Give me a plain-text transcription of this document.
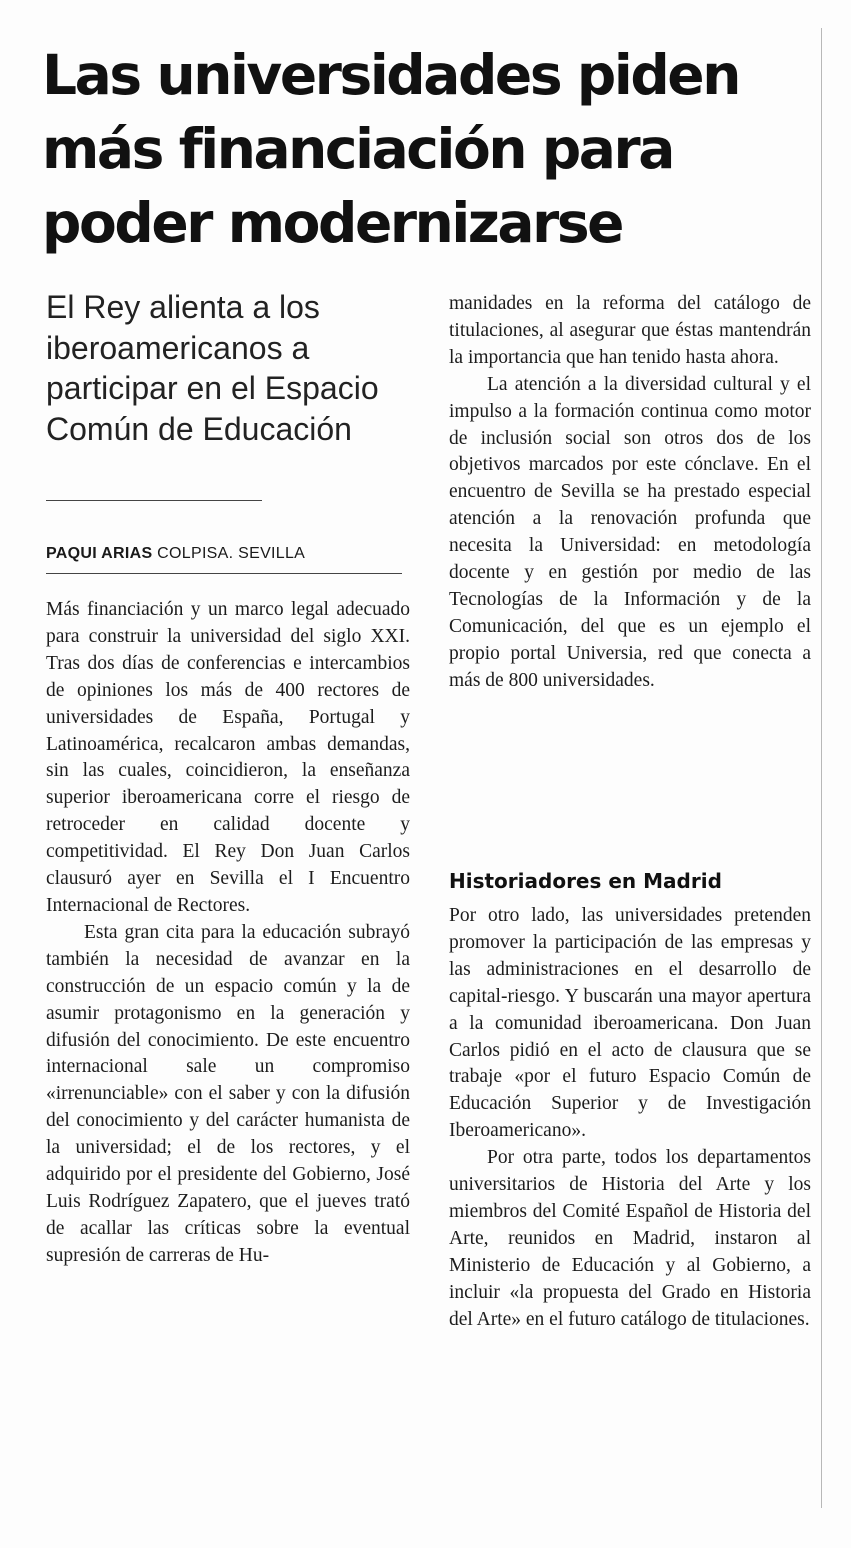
Las universidades piden más financiación para poder modernizarse
El Rey alienta a los iberoamericanos a participar en el Espacio Común de Educación

PAQUI ARIAS COLPISA. SEVILLA

Más financiación y un marco legal adecuado para construir la universidad del siglo XXI. Tras dos días de conferencias e intercambios de opiniones los más de 400 rectores de universidades de España, Portugal y Latinoamérica, recalcaron ambas demandas, sin las cuales, coincidieron, la enseñanza superior iberoamericana corre el riesgo de retroceder en calidad docente y competitividad. El Rey Don Juan Carlos clausuró ayer en Sevilla el I Encuentro Internacional de Rectores.

Esta gran cita para la educación subrayó también la necesidad de avanzar en la construcción de un espacio común y la de asumir protagonismo en la generación y difusión del conocimiento. De este encuentro internacional sale un compromiso «irrenunciable» con el saber y con la difusión del conocimiento y del carácter humanista de la universidad; el de los rectores, y el adquirido por el presidente del Gobierno, José Luis Rodríguez Zapatero, que el jueves trató de acallar las críticas sobre la eventual supresión de carreras de Hu-

manidades en la reforma del catálogo de titulaciones, al asegurar que éstas mantendrán la importancia que han tenido hasta ahora.

La atención a la diversidad cultural y el impulso a la formación continua como motor de inclusión social son otros dos de los objetivos marcados por este cónclave. En el encuentro de Sevilla se ha prestado especial atención a la renovación profunda que necesita la Universidad: en metodología docente y en gestión por medio de las Tecnologías de la Información y de la Comunicación, del que es un ejemplo el propio portal Universia, red que conecta a más de 800 universidades.

Historiadores en Madrid

Por otro lado, las universidades pretenden promover la participación de las empresas y las administraciones en el desarrollo de capital-riesgo. Y buscarán una mayor apertura a la comunidad iberoamericana. Don Juan Carlos pidió en el acto de clausura que se trabaje «por el futuro Espacio Común de Educación Superior y de Investigación Iberoamericano».

Por otra parte, todos los departamentos universitarios de Historia del Arte y los miembros del Comité Español de Historia del Arte, reunidos en Madrid, instaron al Ministerio de Educación y al Gobierno, a incluir «la propuesta del Grado en Historia del Arte» en el futuro catálogo de titulaciones.
